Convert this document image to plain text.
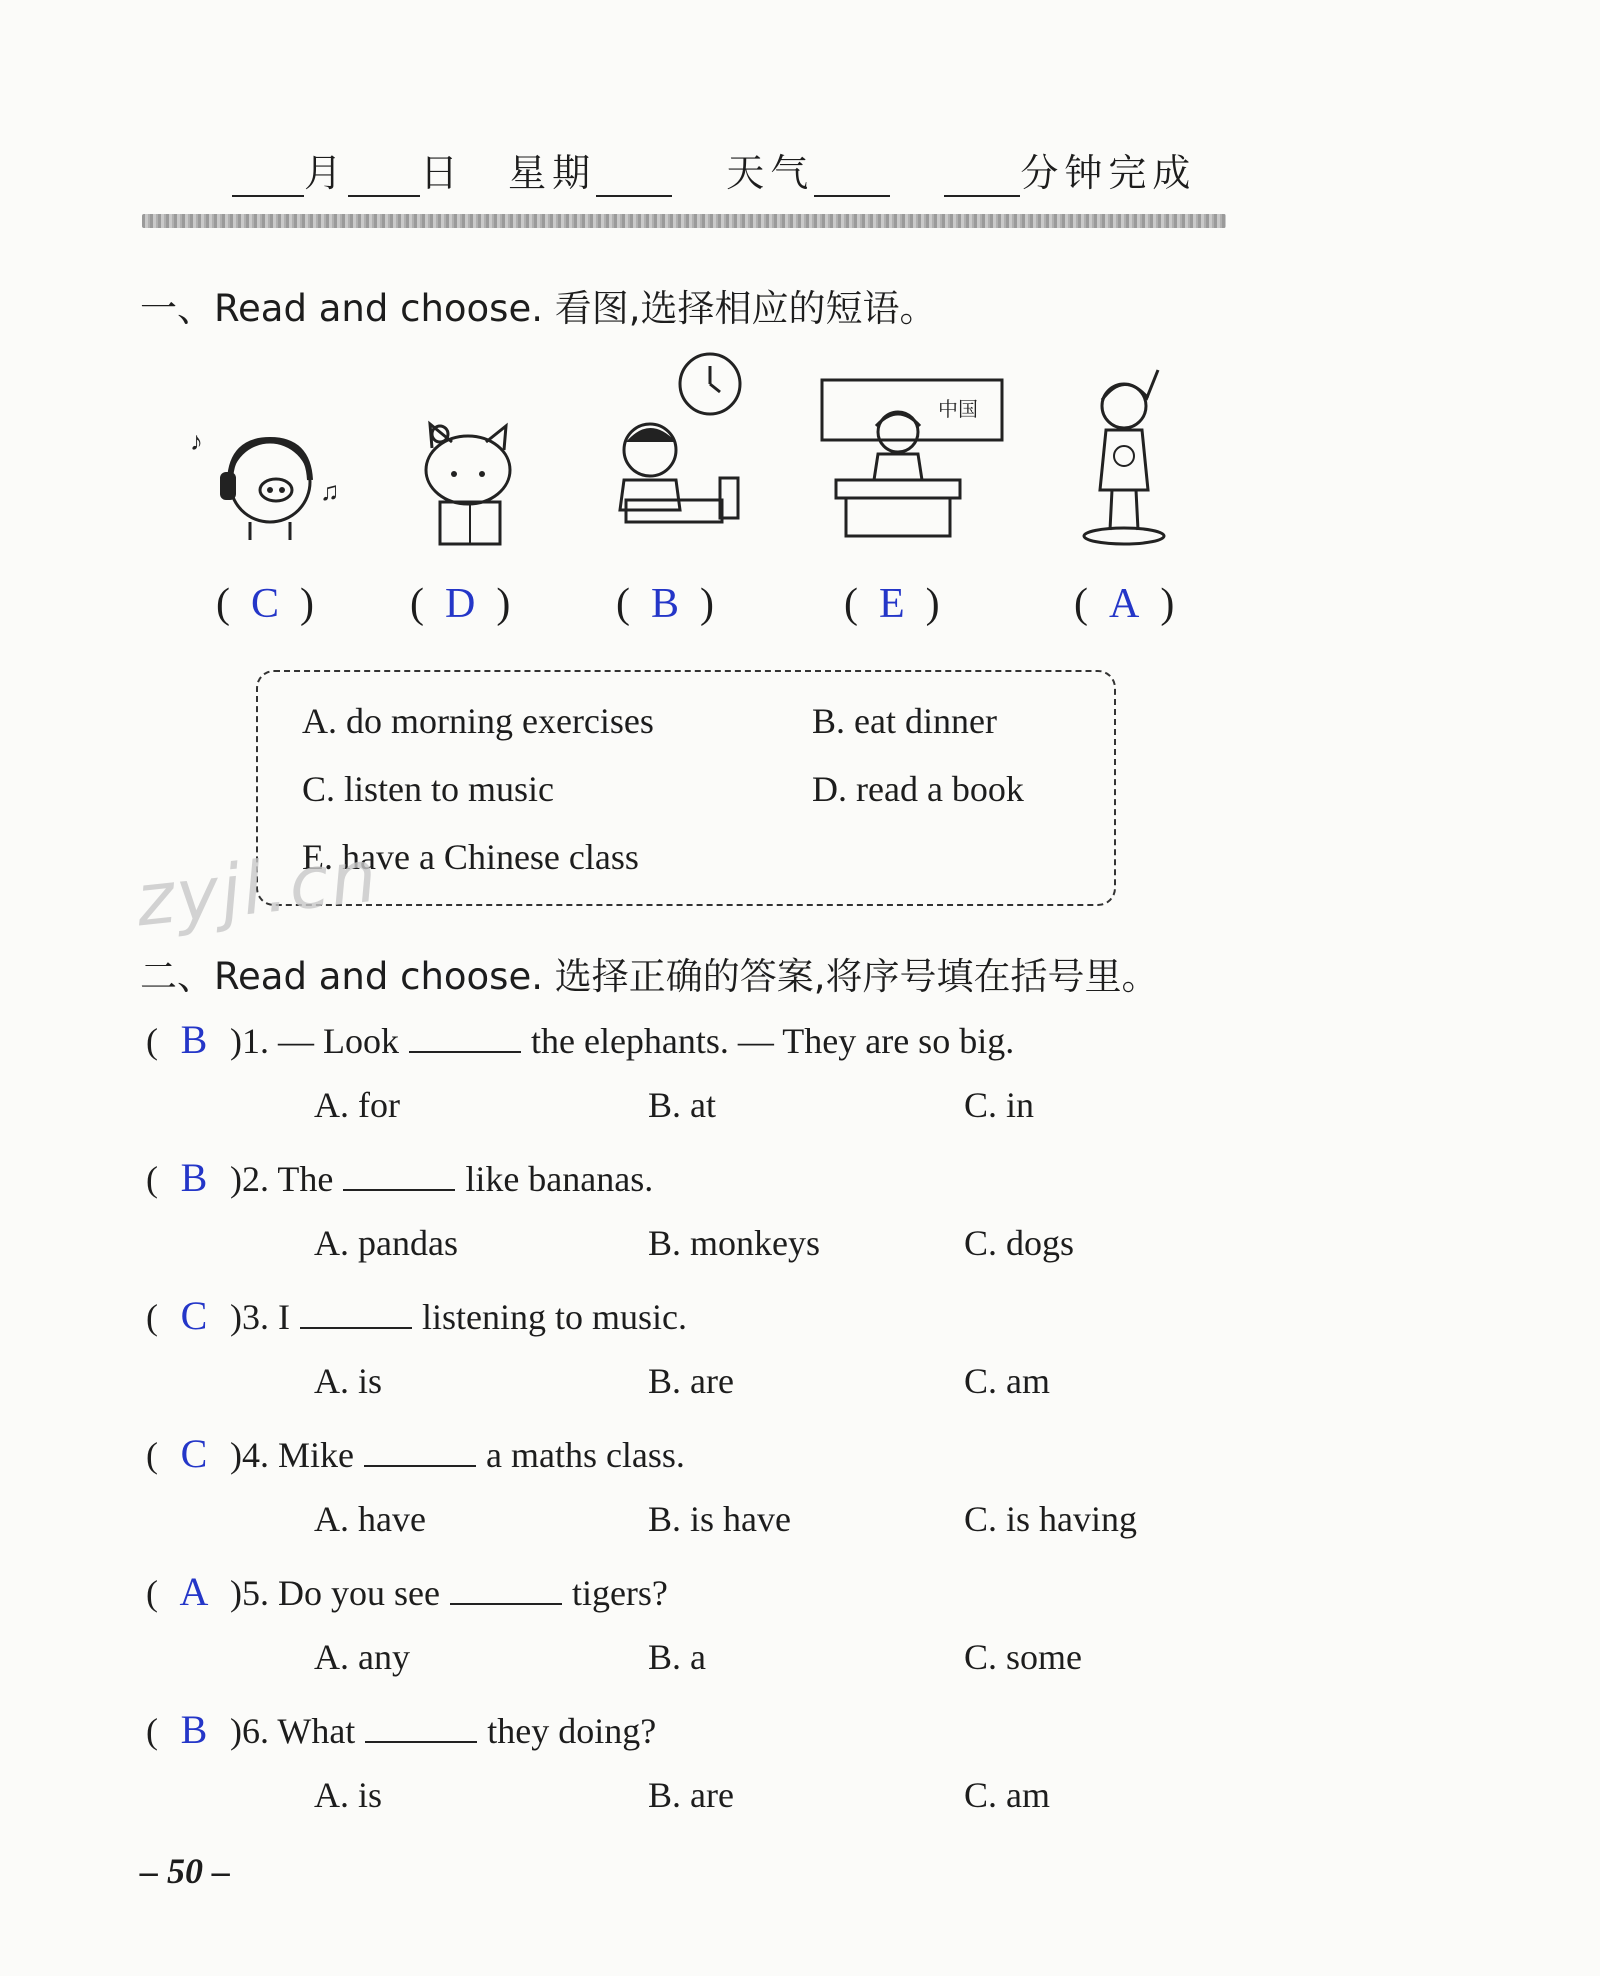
月 日 星期	天气	分钟完成
一、Read and choose. 看图,选择相应的短语。
♪
♫
中国
(  C  ) (  D  )	(  B  )	(  E  )	(  A  )
A. do morning exercises	B. eat dinner
C. listen to music	D. read a book
E. have a Chinese class
zyjl.cn
二、Read and choose. 选择正确的答案,将序号填在括号里。
( B )1. — Look	the elephants. — They are so big.
A. for	B. at	C. in
( B )2. The	like bananas.
A. pandas	B. monkeys	C. dogs
( C )3. I	listening to music.
A. is	B. are	C. am
( C )4. Mike	a maths class.
A. have	B. is have	C. is having
( A )5. Do you see	tigers?
A. any	B. a	C. some
( B )6. What	they doing?
A. is	B. are	C. am
– 50 –
